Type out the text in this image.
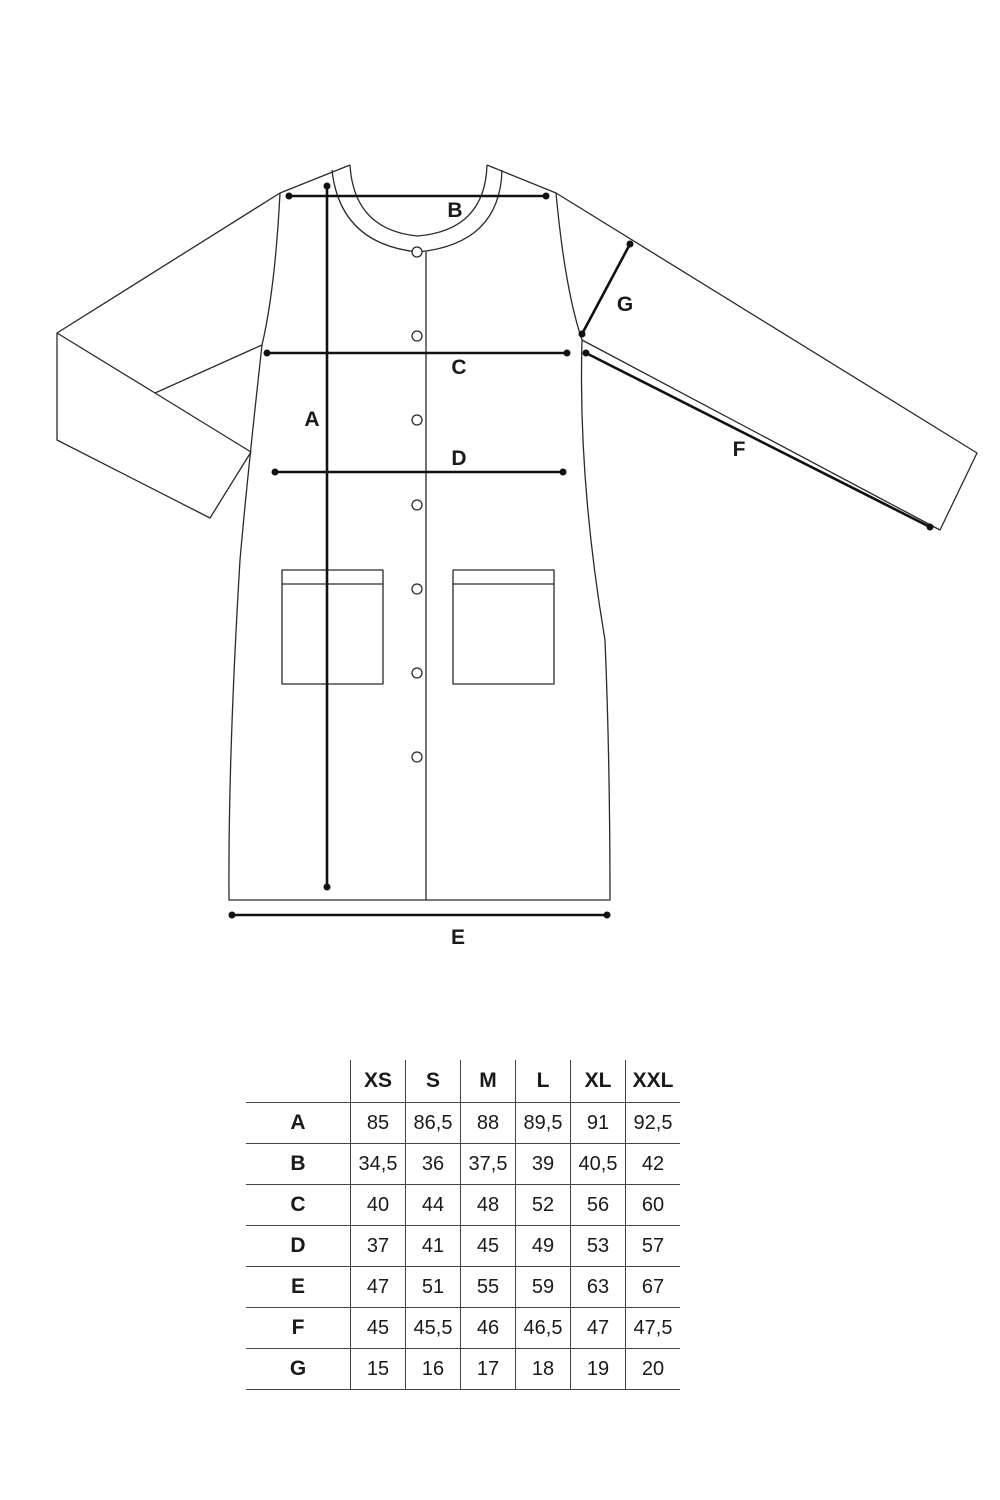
A
B
C
D
E
F
G
	XS	S	M	L	XL	XXL
A	85	86,5	88	89,5	91	92,5
B	34,5	36	37,5	39	40,5	42
C	40	44	48	52	56	60
D	37	41	45	49	53	57
E	47	51	55	59	63	67
F	45	45,5	46	46,5	47	47,5
G	15	16	17	18	19	20
